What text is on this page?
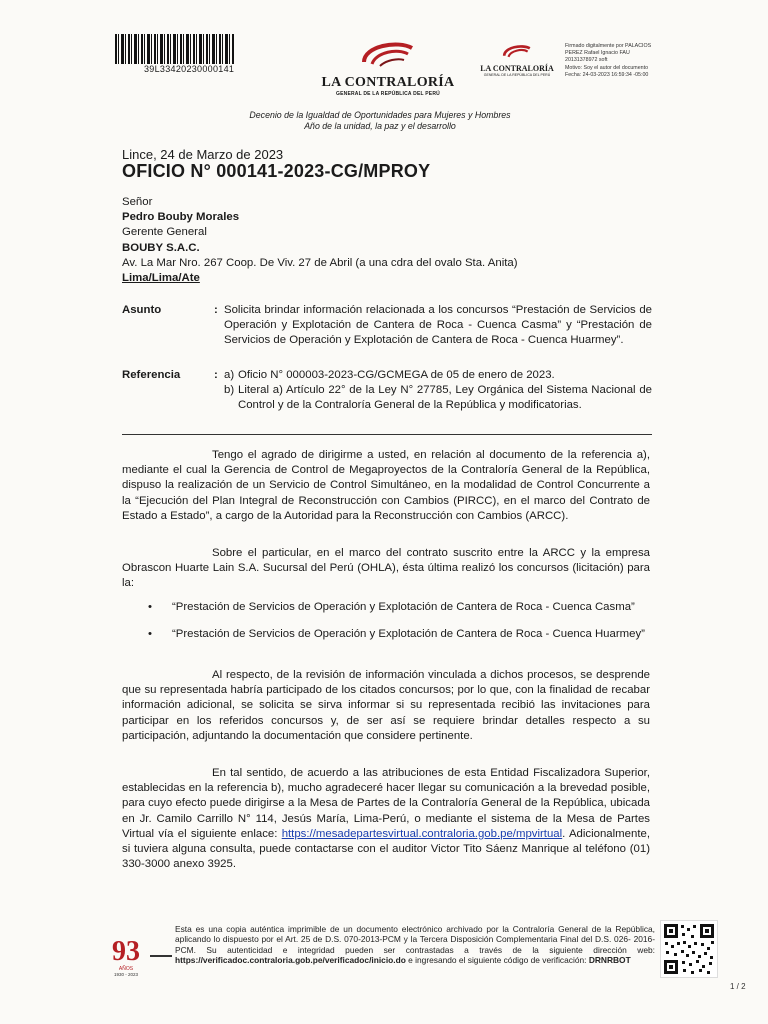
39L33420230000141
LA CONTRALORÍA
GENERAL DE LA REPÚBLICA DEL PERÚ
LA CONTRALORÍA
GENERAL DE LA REPÚBLICA DEL PERÚ
Firmado digitalmente por PALACIOS
PEREZ Rafael Ignacio FAU
20131378972 soft
Motivo: Soy el autor del documento
Fecha: 24-03-2023 16:59:34 -05:00
Decenio de la Igualdad de Oportunidades para Mujeres y Hombres
Año de la unidad, la paz y el desarrollo
Lince, 24 de Marzo de 2023
OFICIO N° 000141-2023-CG/MPROY
Señor
Pedro Bouby Morales
Gerente General
BOUBY S.A.C.
Av. La Mar Nro. 267 Coop. De Viv. 27 de Abril (a una cdra del ovalo Sta. Anita)
Lima/Lima/Ate
Asunto	: Solicita brindar información relacionada a los concursos “Prestación de Servicios de Operación y Explotación de Cantera de Roca - Cuenca Casma” y “Prestación de Servicios de Operación y Explotación de Cantera de Roca - Cuenca Huarmey”.
Referencia	: a) Oficio N° 000003-2023-CG/GCMEGA de 05 de enero de 2023.
b) Literal a) Artículo 22° de la Ley N° 27785, Ley Orgánica del Sistema Nacional de Control y de la Contraloría General de la República y modificatorias.
Tengo el agrado de dirigirme a usted, en relación al documento de la referencia a), mediante el cual la Gerencia de Control de Megaproyectos de la Contraloría General de la República, dispuso la realización de un Servicio de Control Simultáneo, en la modalidad de Control Concurrente a la “Ejecución del Plan Integral de Reconstrucción con Cambios (PIRCC), en el marco del Contrato de Estado a Estado”, a cargo de la Autoridad para la Reconstrucción con Cambios (ARCC).
Sobre el particular, en el marco del contrato suscrito entre la ARCC y la empresa Obrascon Huarte Lain S.A. Sucursal del Perú (OHLA), ésta última realizó los concursos (licitación) para la:
• “Prestación de Servicios de Operación y Explotación de Cantera de Roca - Cuenca Casma”
• “Prestación de Servicios de Operación y Explotación de Cantera de Roca - Cuenca Huarmey”
Al respecto, de la revisión de información vinculada a dichos procesos, se desprende que su representada habría participado de los citados concursos; por lo que, con la finalidad de recabar información adicional, se solicita se sirva informar si su representada recibió las invitaciones para participar en los referidos concursos y, de ser así se requiere brindar detalles respecto a su participación, adjuntando la documentación que considere pertinente.
En tal sentido, de acuerdo a las atribuciones de esta Entidad Fiscalizadora Superior, establecidas en la referencia b), mucho agradeceré hacer llegar su comunicación a la brevedad posible, para cuyo efecto puede dirigirse a la Mesa de Partes de la Contraloría General de la República, ubicada en Jr. Camilo Carrillo N° 114, Jesús María, Lima-Perú, o mediante el sistema de la Mesa de Partes Virtual vía el siguiente enlace: https://mesadepartesvirtual.contraloria.gob.pe/mpvirtual. Adicionalmente, si tuviera alguna consulta, puede contactarse con el auditor Victor Tito Sáenz Manrique al teléfono (01) 330-3000 anexo 3925.
93
AÑOS
1930 - 2023
Esta es una copia auténtica imprimible de un documento electrónico archivado por la Contraloría General de la República, aplicando lo dispuesto por el Art. 25 de D.S. 070-2013-PCM y la Tercera Disposición Complementaria Final del D.S. 026- 2016-PCM. Su autenticidad e integridad pueden ser contrastadas a través de la siguiente dirección web: https://verificadoc.contraloria.gob.pe/verificadoc/inicio.do e ingresando el siguiente código de verificación: DRNRBOT
1 / 2
